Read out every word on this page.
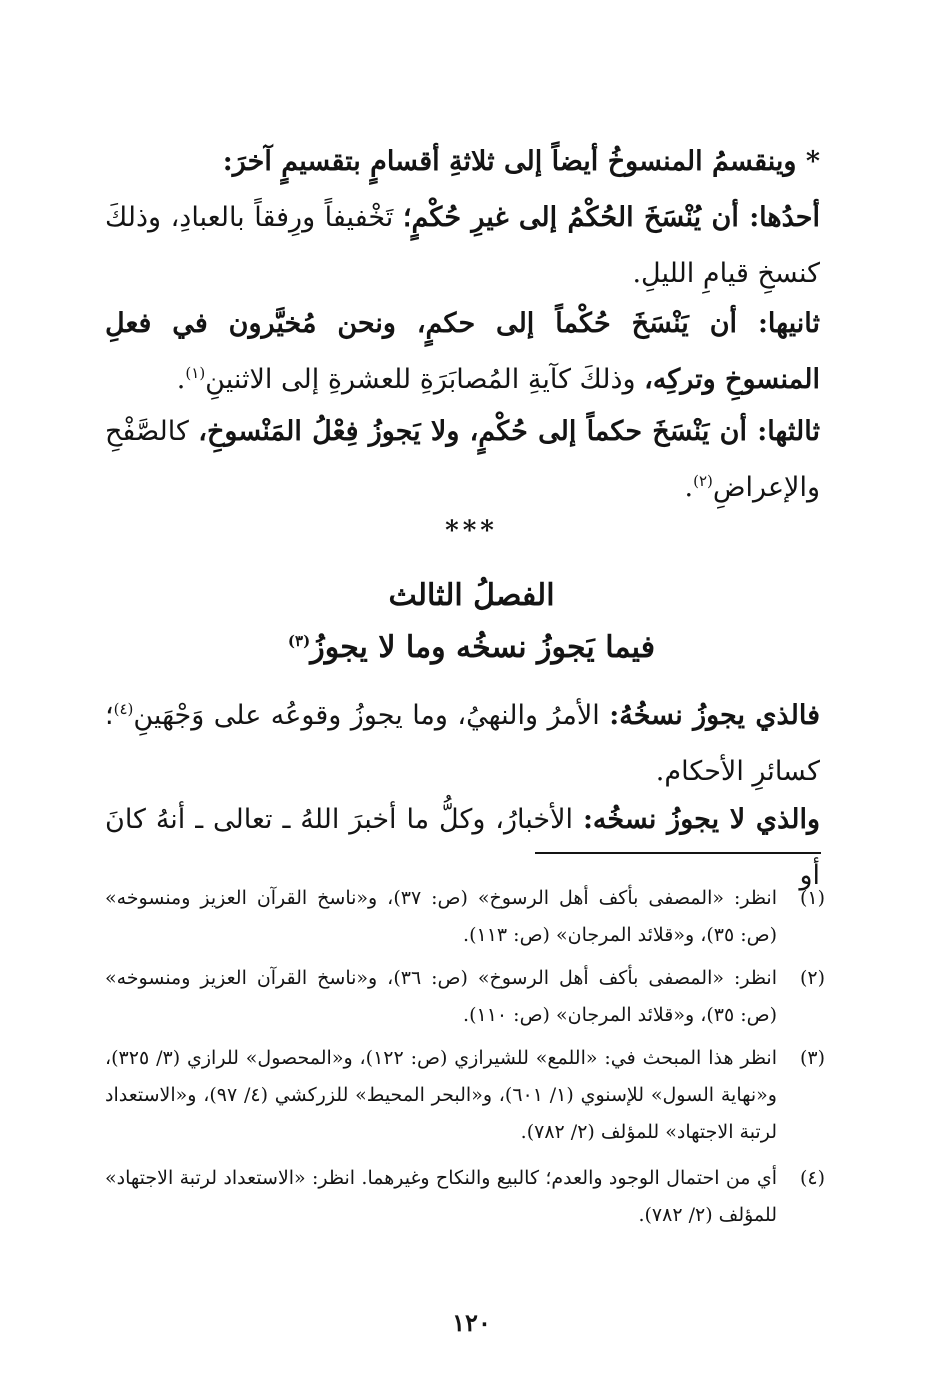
* وينقسمُ المنسوخُ أيضاً إلى ثلاثةِ أقسامٍ بتقسيمٍ آخرَ:
أحدُها: أن يُنْسَخَ الحُكْمُ إلى غيرِ حُكْمٍ؛ تَخْفيفاً ورِفقاً بالعبادِ، وذلكَ كنسخِ قيامِ الليلِ.
ثانيها: أن يَنْسَخَ حُكْماً إلى حكمٍ، ونحن مُخيَّرون في فعلِ المنسوخِ وتركِه، وذلكَ كآيةِ المُصابَرَةِ للعشرةِ إلى الاثنينِ$^{(١)}$.
ثالثها: أن يَنْسَخَ حكماً إلى حُكْمٍ، ولا يَجوزُ فِعْلُ المَنْسوخِ، كالصَّفْحِ والإعراضِ$^{(٢)}$.
***
الفصلُ الثالث
فيما يَجوزُ نسخُه وما لا يجوزُ$^{(٣)}$
فالذي يجوزُ نسخُهُ: الأمرُ والنهيُ، وما يجوزُ وقوعُه على وَجْهَينِ$^{(٤)}$؛ كسائرِ الأحكام.
والذي لا يجوزُ نسخُه: الأخبارُ، وكلُّ ما أخبرَ اللهُ ـ تعالى ـ أنهُ كانَ أو
(١)
انظر: «المصفى بأكف أهل الرسوخ» (ص: ٣٧)، و«ناسخ القرآن العزيز ومنسوخه» (ص: ٣٥)، و«قلائد المرجان» (ص: ١١٣).
(٢)
انظر: «المصفى بأكف أهل الرسوخ» (ص: ٣٦)، و«ناسخ القرآن العزيز ومنسوخه» (ص: ٣٥)، و«قلائد المرجان» (ص: ١١٠).
(٣)
انظر هذا المبحث في: «اللمع» للشيرازي (ص: ١٢٢)، و«المحصول» للرازي (٣/ ٣٢٥)، و«نهاية السول» للإسنوي (١/ ٦٠١)، و«البحر المحيط» للزركشي (٤/ ٩٧)، و«الاستعداد لرتبة الاجتهاد» للمؤلف (٢/ ٧٨٢).
(٤)
أي من احتمال الوجود والعدم؛ كالبيع والنكاح وغيرهما. انظر: «الاستعداد لرتبة الاجتهاد» للمؤلف (٢/ ٧٨٢).
١٢٠
